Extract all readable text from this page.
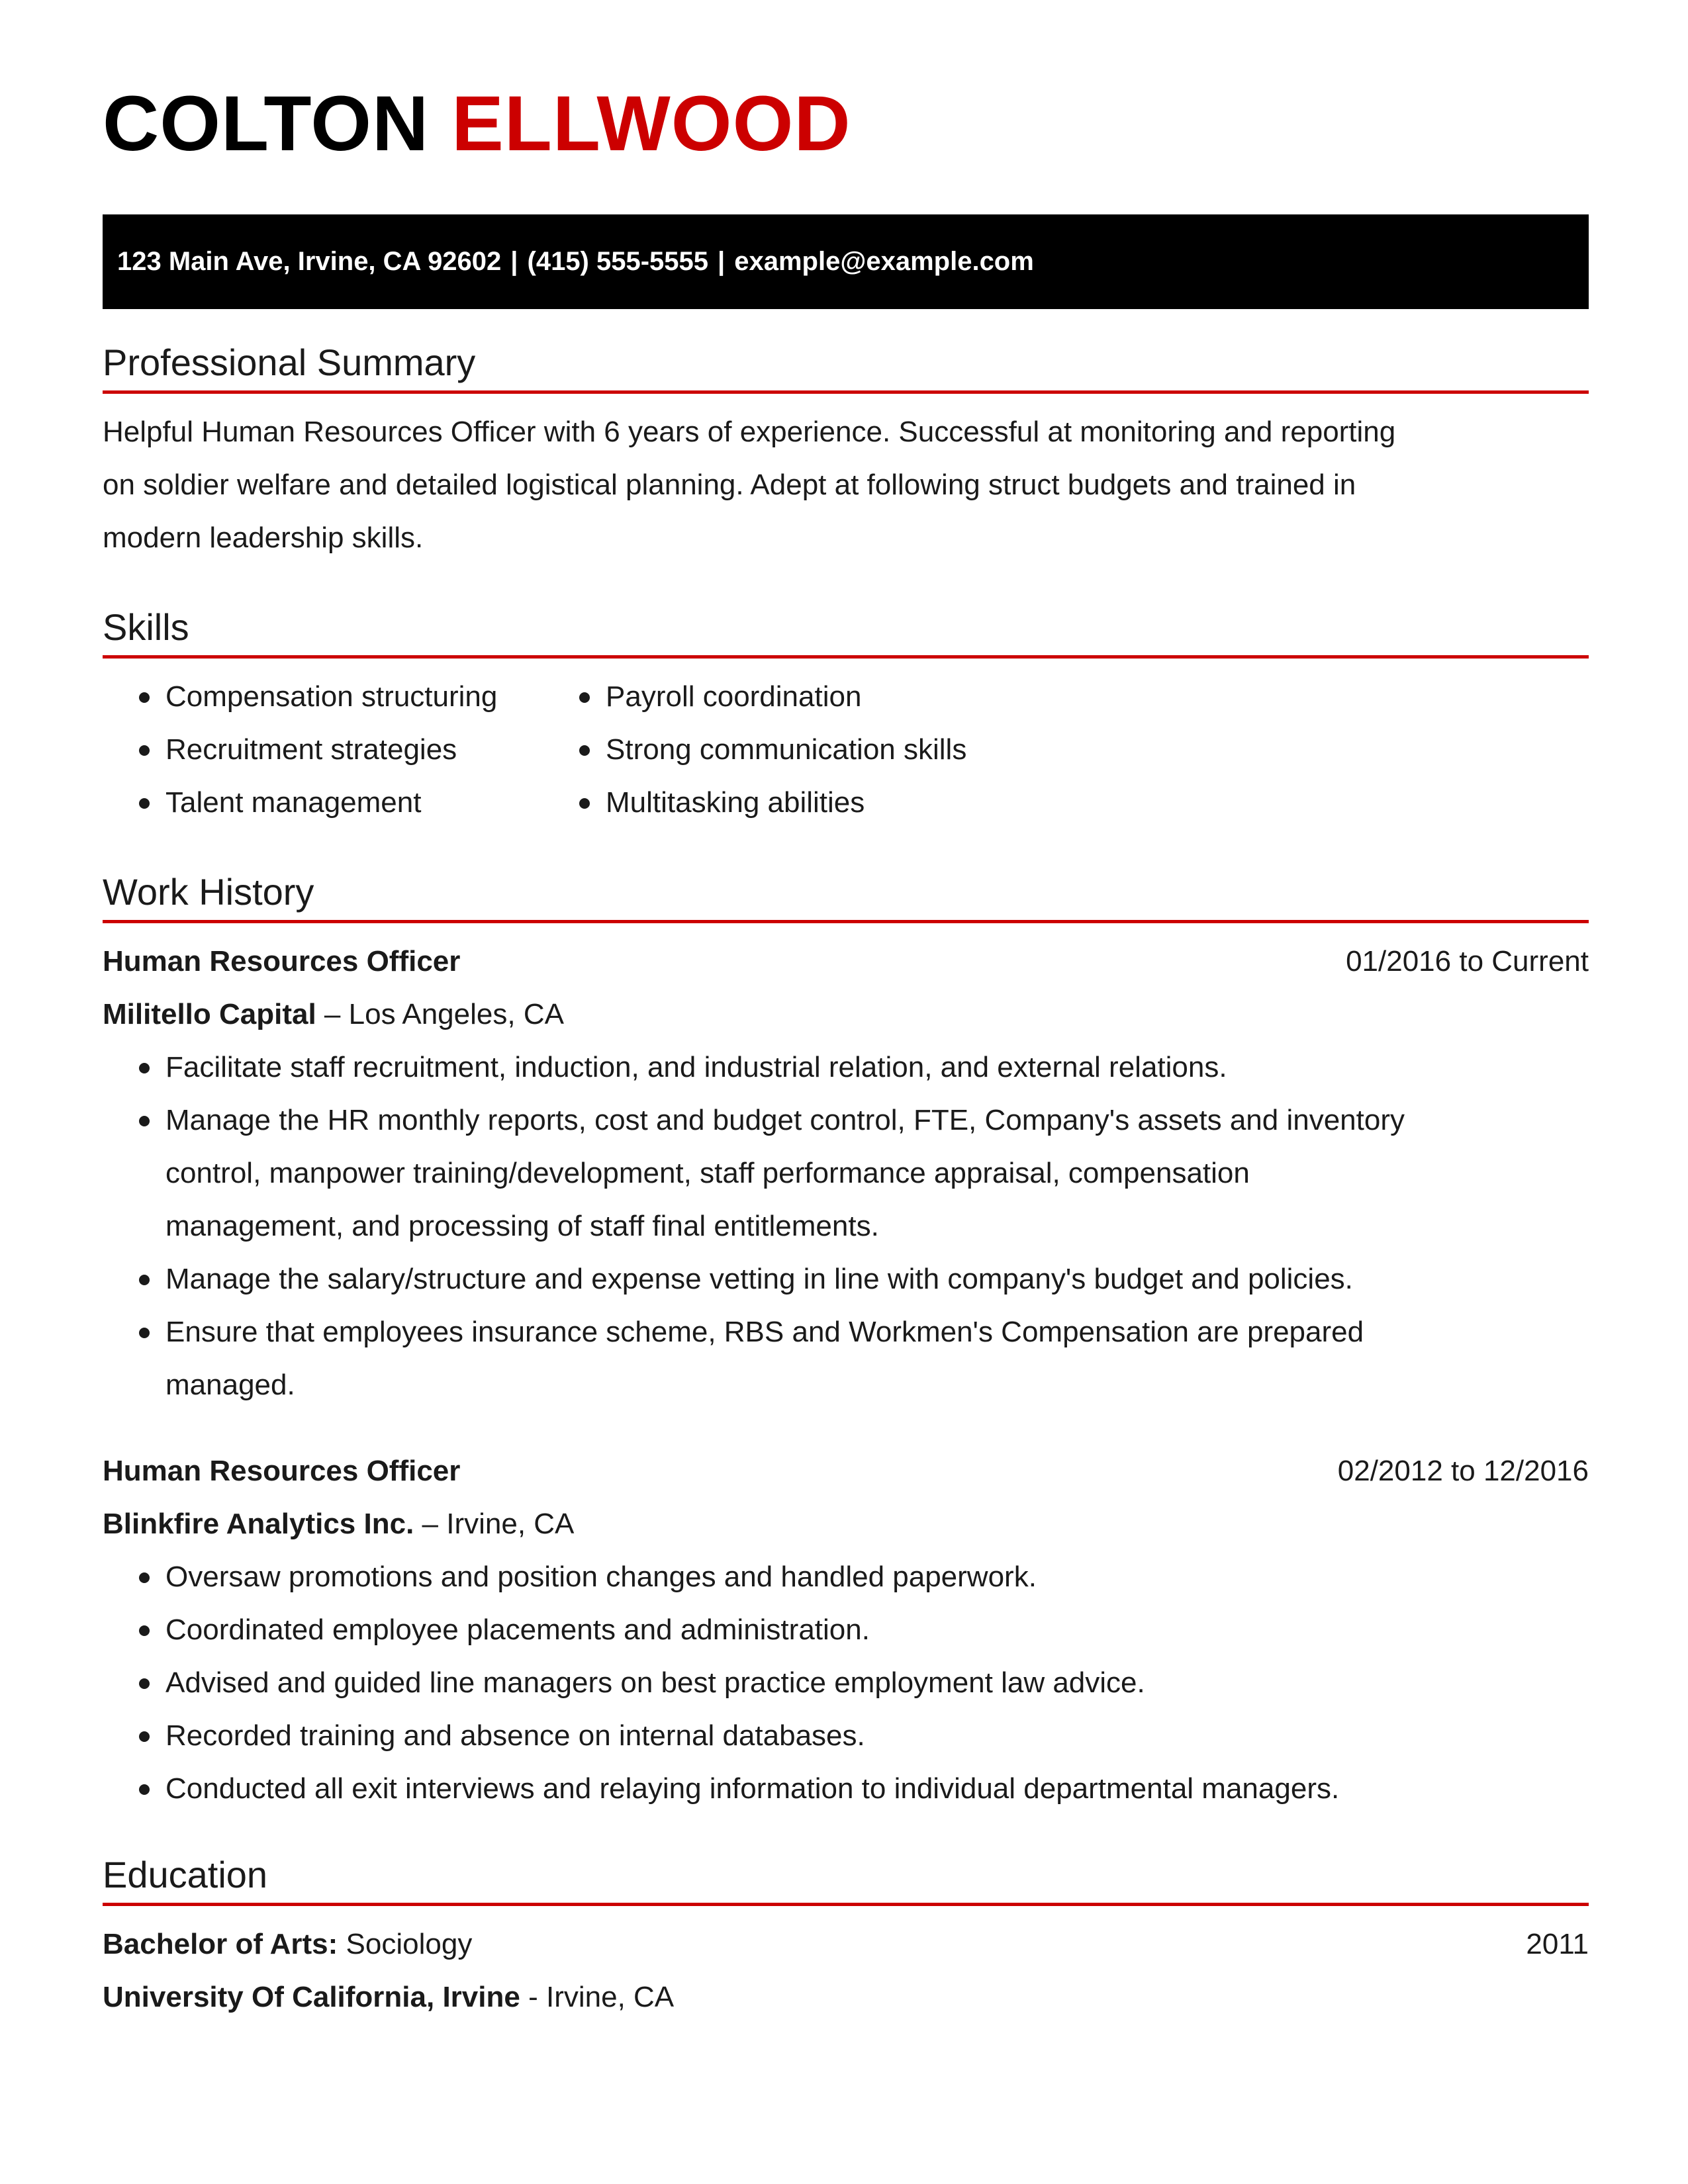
COLTON ELLWOOD
123 Main Ave, Irvine, CA 92602 | (415) 555-5555 | example@example.com
Professional Summary

Helpful Human Resources Officer with 6 years of experience. Successful at monitoring and reporting

on soldier welfare and detailed logistical planning. Adept at following struct budgets and trained in

modern leadership skills.

Skills
Compensation structuring
Recruitment strategies
Talent management
Payroll coordination
Strong communication skills
Multitasking abilities
Work History
Human Resources Officer	01/2016 to Current
Militello Capital – Los Angeles, CA
Facilitate staff recruitment, induction, and industrial relation, and external relations.
Manage the HR monthly reports, cost and budget control, FTE, Company's assets and inventory
control, manpower training/development, staff performance appraisal, compensation
management, and processing of staff final entitlements.
Manage the salary/structure and expense vetting in line with company's budget and policies.
Ensure that employees insurance scheme, RBS and Workmen's Compensation are prepared
managed.
Human Resources Officer	02/2012 to 12/2016
Blinkfire Analytics Inc. – Irvine, CA
Oversaw promotions and position changes and handled paperwork.
Coordinated employee placements and administration.
Advised and guided line managers on best practice employment law advice.
Recorded training and absence on internal databases.
Conducted all exit interviews and relaying information to individual departmental managers.
Education
Bachelor of Arts: Sociology	2011
University Of California, Irvine - Irvine, CA
